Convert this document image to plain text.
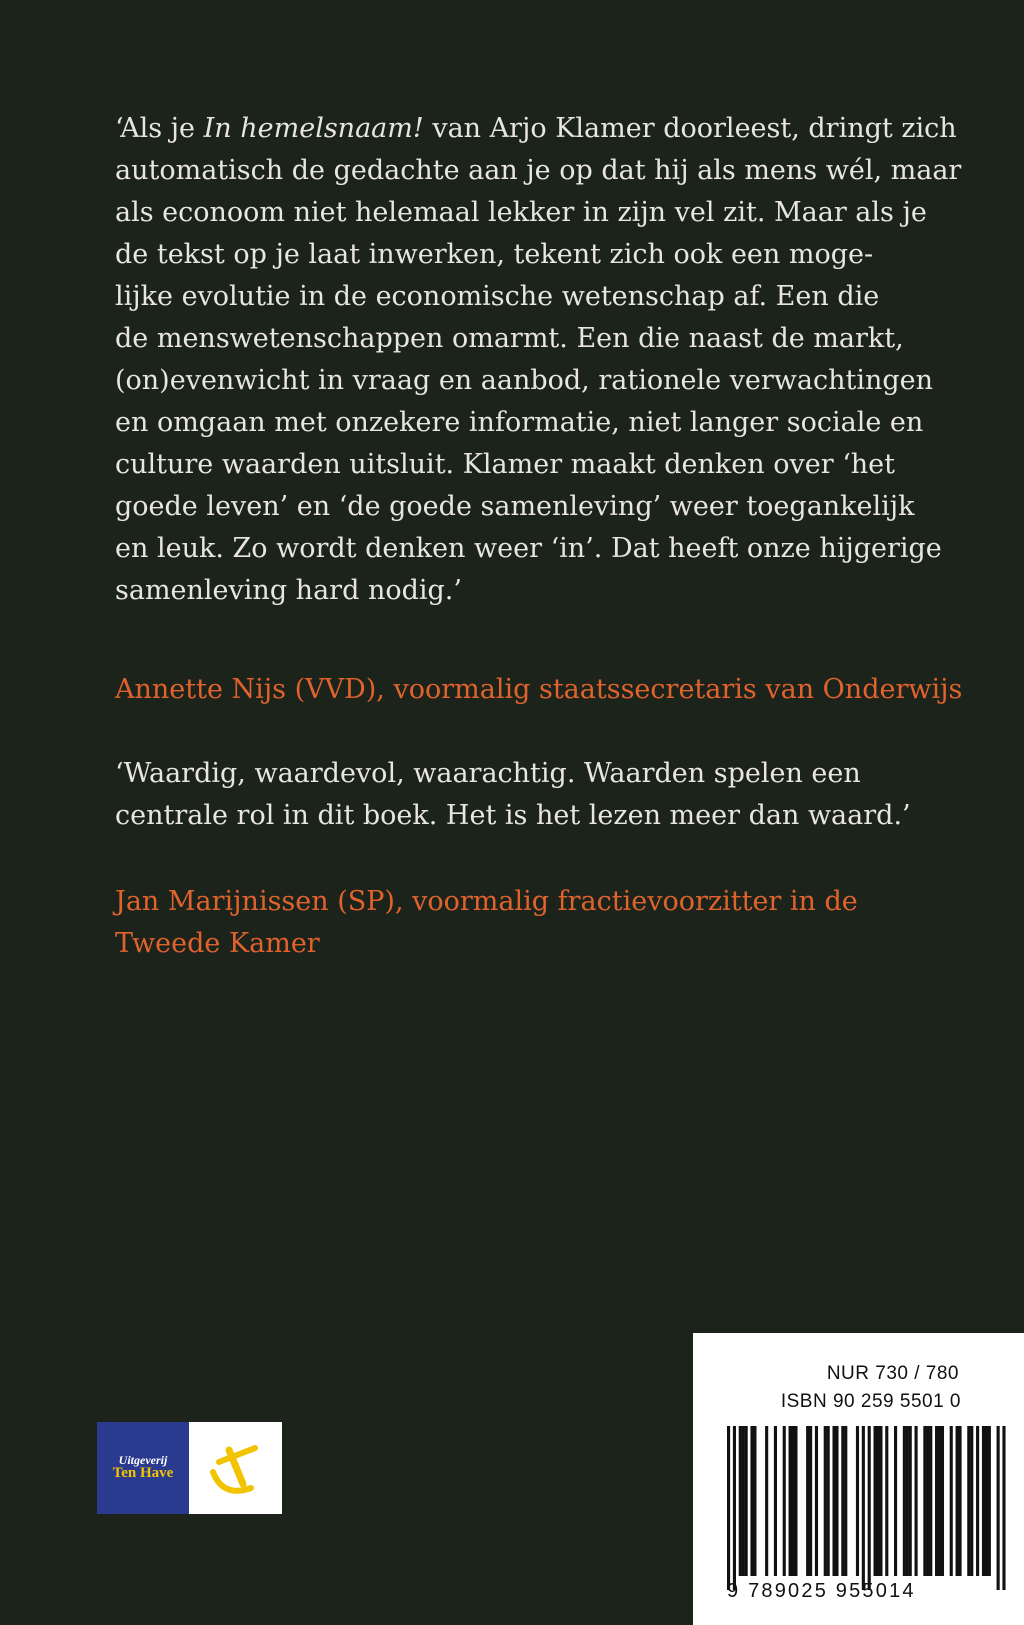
‘Als je In hemelsnaam! van Arjo Klamer doorleest, dringt zich
automatisch de gedachte aan je op dat hij als mens wél, maar
als econoom niet helemaal lekker in zijn vel zit. Maar als je
de tekst op je laat inwerken, tekent zich ook een moge-
lijke evolutie in de economische wetenschap af. Een die
de menswetenschappen omarmt. Een die naast de markt,
(on)evenwicht in vraag en aanbod, rationele verwachtingen
en omgaan met onzekere informatie, niet langer sociale en
culture waarden uitsluit. Klamer maakt denken over ‘het
goede leven’ en ‘de goede samenleving’ weer toegankelijk
en leuk. Zo wordt denken weer ‘in’. Dat heeft onze hijgerige
samenleving hard nodig.’

Annette Nijs (VVD), voormalig staatssecretaris van Onderwijs

‘Waardig, waardevol, waarachtig. Waarden spelen een
centrale rol in dit boek. Het is het lezen meer dan waard.’

Jan Marijnissen (SP), voormalig fractievoorzitter in de
Tweede Kamer

Uitgeverij
Ten Have
NUR 730 / 780
ISBN 90 259 5501 0
9 789025 955014
